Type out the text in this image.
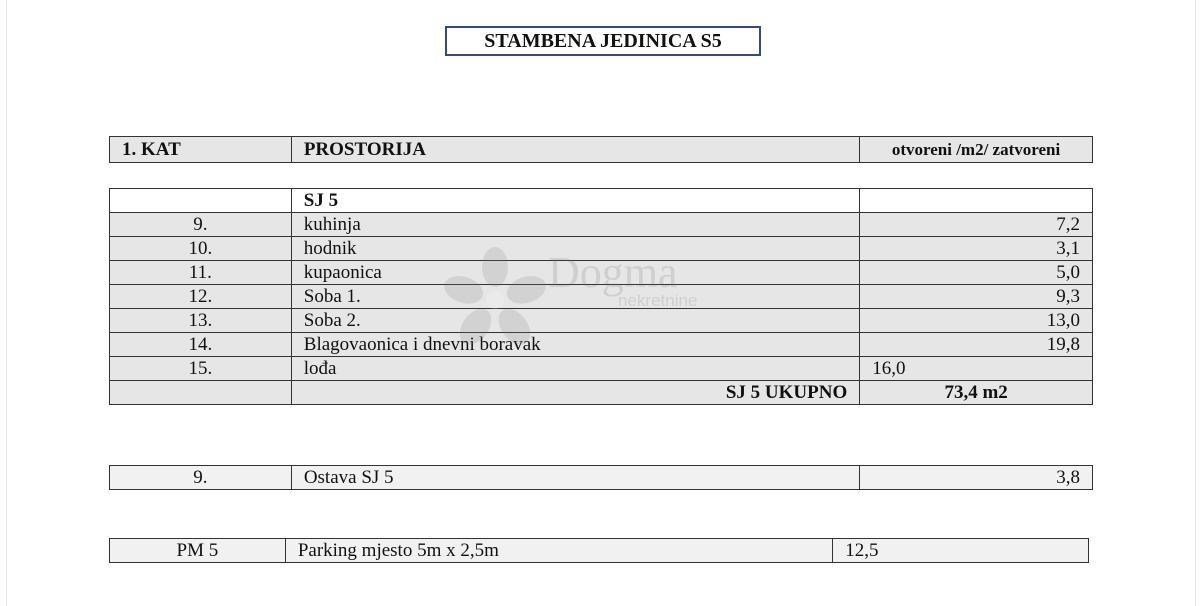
STAMBENA JEDINICA S5
1. KAT	PROSTORIJA	otvoreni /m2/ zatvoreni
	SJ 5	
9.	kuhinja	7,2
10.	hodnik	3,1
11.	kupaonica	5,0
12.	Soba 1.	9,3
13.	Soba 2.	13,0
14.	Blagovaonica i dnevni boravak	19,8
15.	lođa	16,0
	SJ 5 UKUPNO	73,4 m2
9.	Ostava SJ 5	3,8
PM 5	Parking mjesto 5m x 2,5m	12,5
